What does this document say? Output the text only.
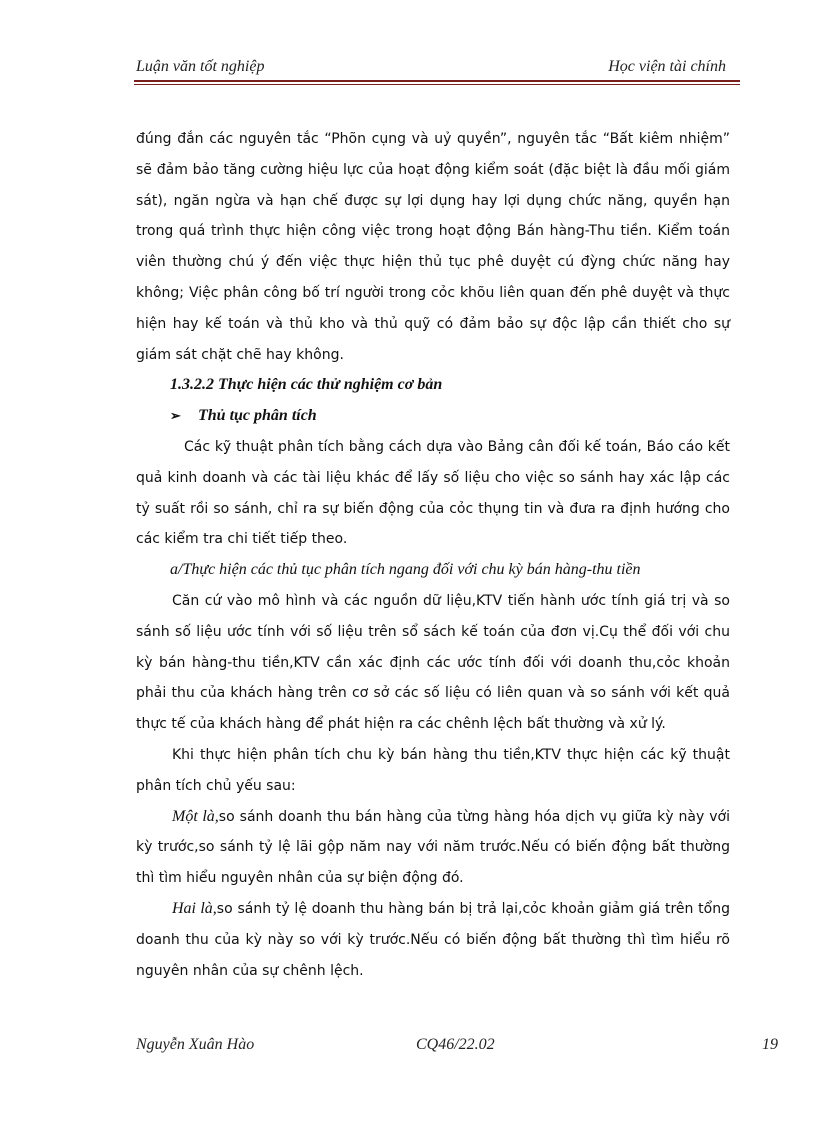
Luận văn tốt nghiệp	Học viện tài chính

đúng đắn các nguyên tắc “Phõn cụng và uỷ quyền”, nguyên tắc “Bất kiêm nhiệm” sẽ đảm bảo tăng cường hiệu lực của hoạt động kiểm soát (đặc biệt là đầu mối giám sát), ngăn ngừa và hạn chế được sự lợi dụng hay lợi dụng chức năng, quyền hạn trong quá trình thực hiện công việc trong hoạt động Bán hàng-Thu tiền. Kiểm toán viên thường chú ý đến việc thực hiện thủ tục phê duyệt cú đỳng chức năng hay không; Việc phân công bố trí người trong cỏc khõu liên quan đến phê duyệt và thực hiện hay kế toán và thủ kho và thủ quỹ có đảm bảo sự độc lập cần thiết cho sự giám sát chặt chẽ hay không.

1.3.2.2 Thực hiện các thử nghiệm cơ bản

➢ Thủ tục phân tích

Các kỹ thuật phân tích bằng cách dựa vào Bảng cân đối kế toán, Báo cáo kết quả kinh doanh và các tài liệu khác để lấy số liệu cho việc so sánh hay xác lập các tỷ suất rồi so sánh, chỉ ra sự biến động của cỏc thụng tin và đưa ra định hướng cho các kiểm tra chi tiết tiếp theo.

a/Thực hiện các thủ tục phân tích ngang đối với chu kỳ bán hàng-thu tiền

Căn cứ vào mô hình và các nguồn dữ liệu,KTV tiến hành ước tính giá trị và so sánh số liệu ước tính với số liệu trên sổ sách kế toán của đơn vị.Cụ thể đối với chu kỳ bán hàng-thu tiền,KTV cần xác định các ước tính đối với doanh thu,cỏc khoản phải thu của khách hàng trên cơ sở các số liệu có liên quan và so sánh với kết quả thực tế của khách hàng để phát hiện ra các chênh lệch bất thường và xử lý.

Khi thực hiện phân tích chu kỳ bán hàng thu tiền,KTV thực hiện các kỹ thuật phân tích chủ yếu sau:

Một là,so sánh doanh thu bán hàng của từng hàng hóa dịch vụ giữa kỳ này với kỳ trước,so sánh tỷ lệ lãi gộp năm nay với năm trước.Nếu có biến động bất thường thì tìm hiểu nguyên nhân của sự biện động đó.

Hai là,so sánh tỷ lệ doanh thu hàng bán bị trả lại,cỏc khoản giảm giá trên tổng doanh thu của kỳ này so với kỳ trước.Nếu có biến động bất thường thì tìm hiểu rõ nguyên nhân của sự chênh lệch.

Nguyễn Xuân Hào	CQ46/22.02	19
